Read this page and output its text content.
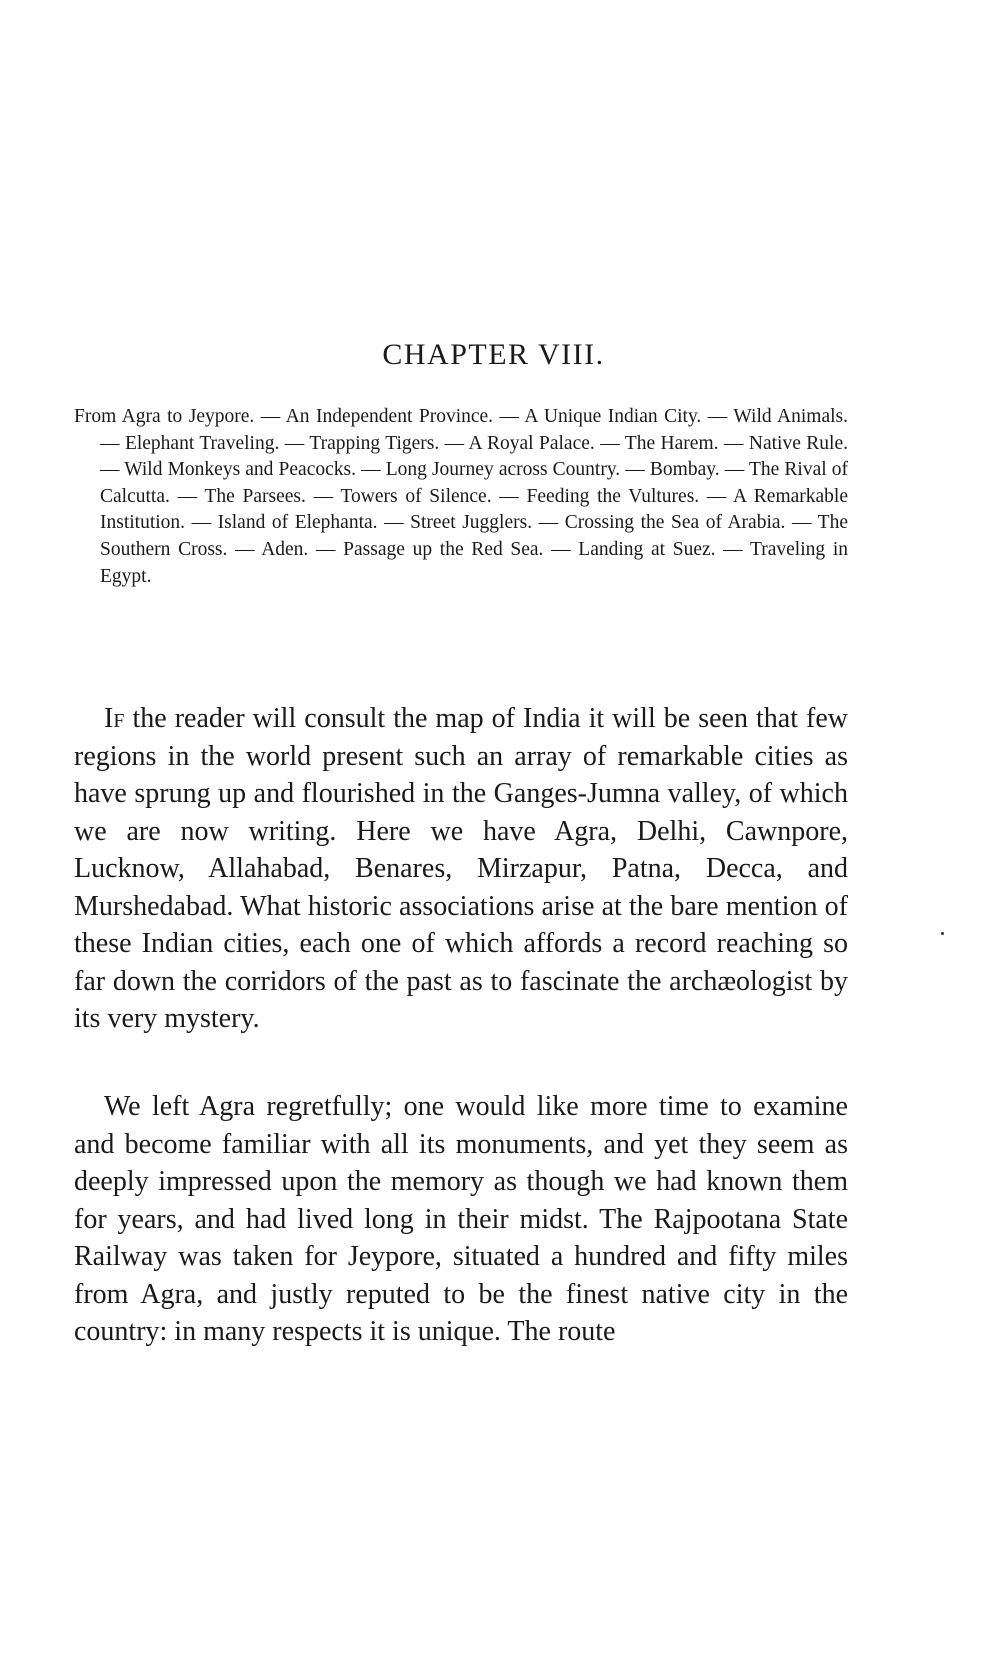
CHAPTER VIII.

From Agra to Jeypore. — An Independent Province. — A Unique Indian City. — Wild Animals. — Elephant Traveling. — Trapping Tigers. — A Royal Palace. — The Harem. — Native Rule. — Wild Monkeys and Peacocks. — Long Journey across Country. — Bombay. — The Rival of Calcutta. — The Parsees. — Towers of Silence. — Feeding the Vultures. — A Remarkable Institution. — Island of Elephanta. — Street Jugglers. — Crossing the Sea of Arabia. — The Southern Cross. — Aden. — Passage up the Red Sea. — Landing at Suez. — Traveling in Egypt.

If the reader will consult the map of India it will be seen that few regions in the world present such an array of remarkable cities as have sprung up and flourished in the Ganges-Jumna valley, of which we are now writing. Here we have Agra, Delhi, Cawnpore, Lucknow, Allahabad, Benares, Mirzapur, Patna, Decca, and Murshedabad. What historic associations arise at the bare mention of these Indian cities, each one of which affords a record reaching so far down the corridors of the past as to fascinate the archæologist by its very mystery.

We left Agra regretfully; one would like more time to examine and become familiar with all its monuments, and yet they seem as deeply impressed upon the memory as though we had known them for years, and had lived long in their midst. The Rajpootana State Railway was taken for Jeypore, situated a hundred and fifty miles from Agra, and justly reputed to be the finest native city in the country: in many respects it is unique. The route
